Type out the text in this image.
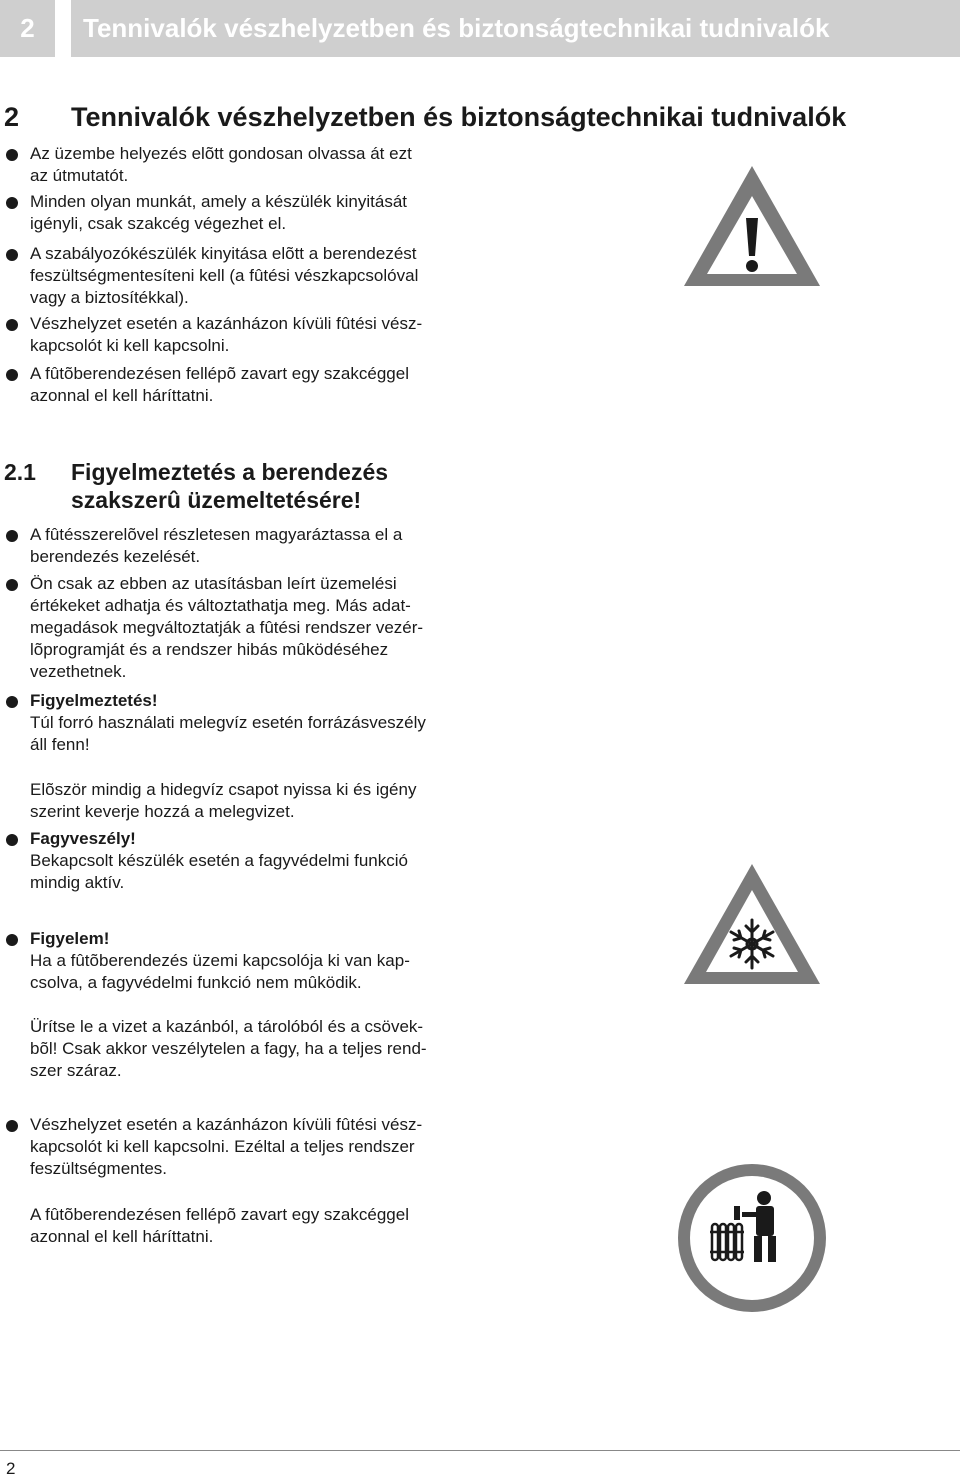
2	Tennivalók vészhelyzetben és biztonságtechnikai tudnivalók
2 Tennivalók vészhelyzetben és biztonságtechnikai tudnivalók
Az üzembe helyezés elõtt gondosan olvassa át ezt
az útmutatót.
Minden olyan munkát, amely a készülék kinyitását
igényli, csak szakcég végezhet el.
A szabályozókészülék kinyitása elõtt a berendezést
feszültségmentesíteni kell (a fûtési vészkapcsolóval
vagy a biztosítékkal).
Vészhelyzet esetén a kazánházon kívüli fûtési vész-
kapcsolót ki kell kapcsolni.
A fûtõberendezésen fellépõ zavart egy szakcéggel
azonnal el kell háríttatni.
2.1 Figyelmeztetés a berendezés szakszerû üzemeltetésére!
A fûtésszerelõvel részletesen magyaráztassa el a
berendezés kezelését.
Ön csak az ebben az utasításban leírt üzemelési
értékeket adhatja és változtathatja meg. Más adat-
megadások megváltoztatják a fûtési rendszer vezér-
lõprogramját és a rendszer hibás mûködéséhez
vezethetnek.
Figyelmeztetés!
Túl forró használati melegvíz esetén forrázásveszély
áll fenn!
Elõször mindig a hidegvíz csapot nyissa ki és igény
szerint keverje hozzá a melegvizet.
Fagyveszély!
Bekapcsolt készülék esetén a fagyvédelmi funkció
mindig aktív.
Figyelem!
Ha a fûtõberendezés üzemi kapcsolója ki van kap-
csolva, a fagyvédelmi funkció nem mûködik.
Ürítse le a vizet a kazánból, a tárolóból és a csövek-
bõl! Csak akkor veszélytelen a fagy, ha a teljes rend-
szer száraz.
Vészhelyzet esetén a kazánházon kívüli fûtési vész-
kapcsolót ki kell kapcsolni. Ezéltal a teljes rendszer
feszültségmentes.
A fûtõberendezésen fellépõ zavart egy szakcéggel
azonnal el kell háríttatni.
2
